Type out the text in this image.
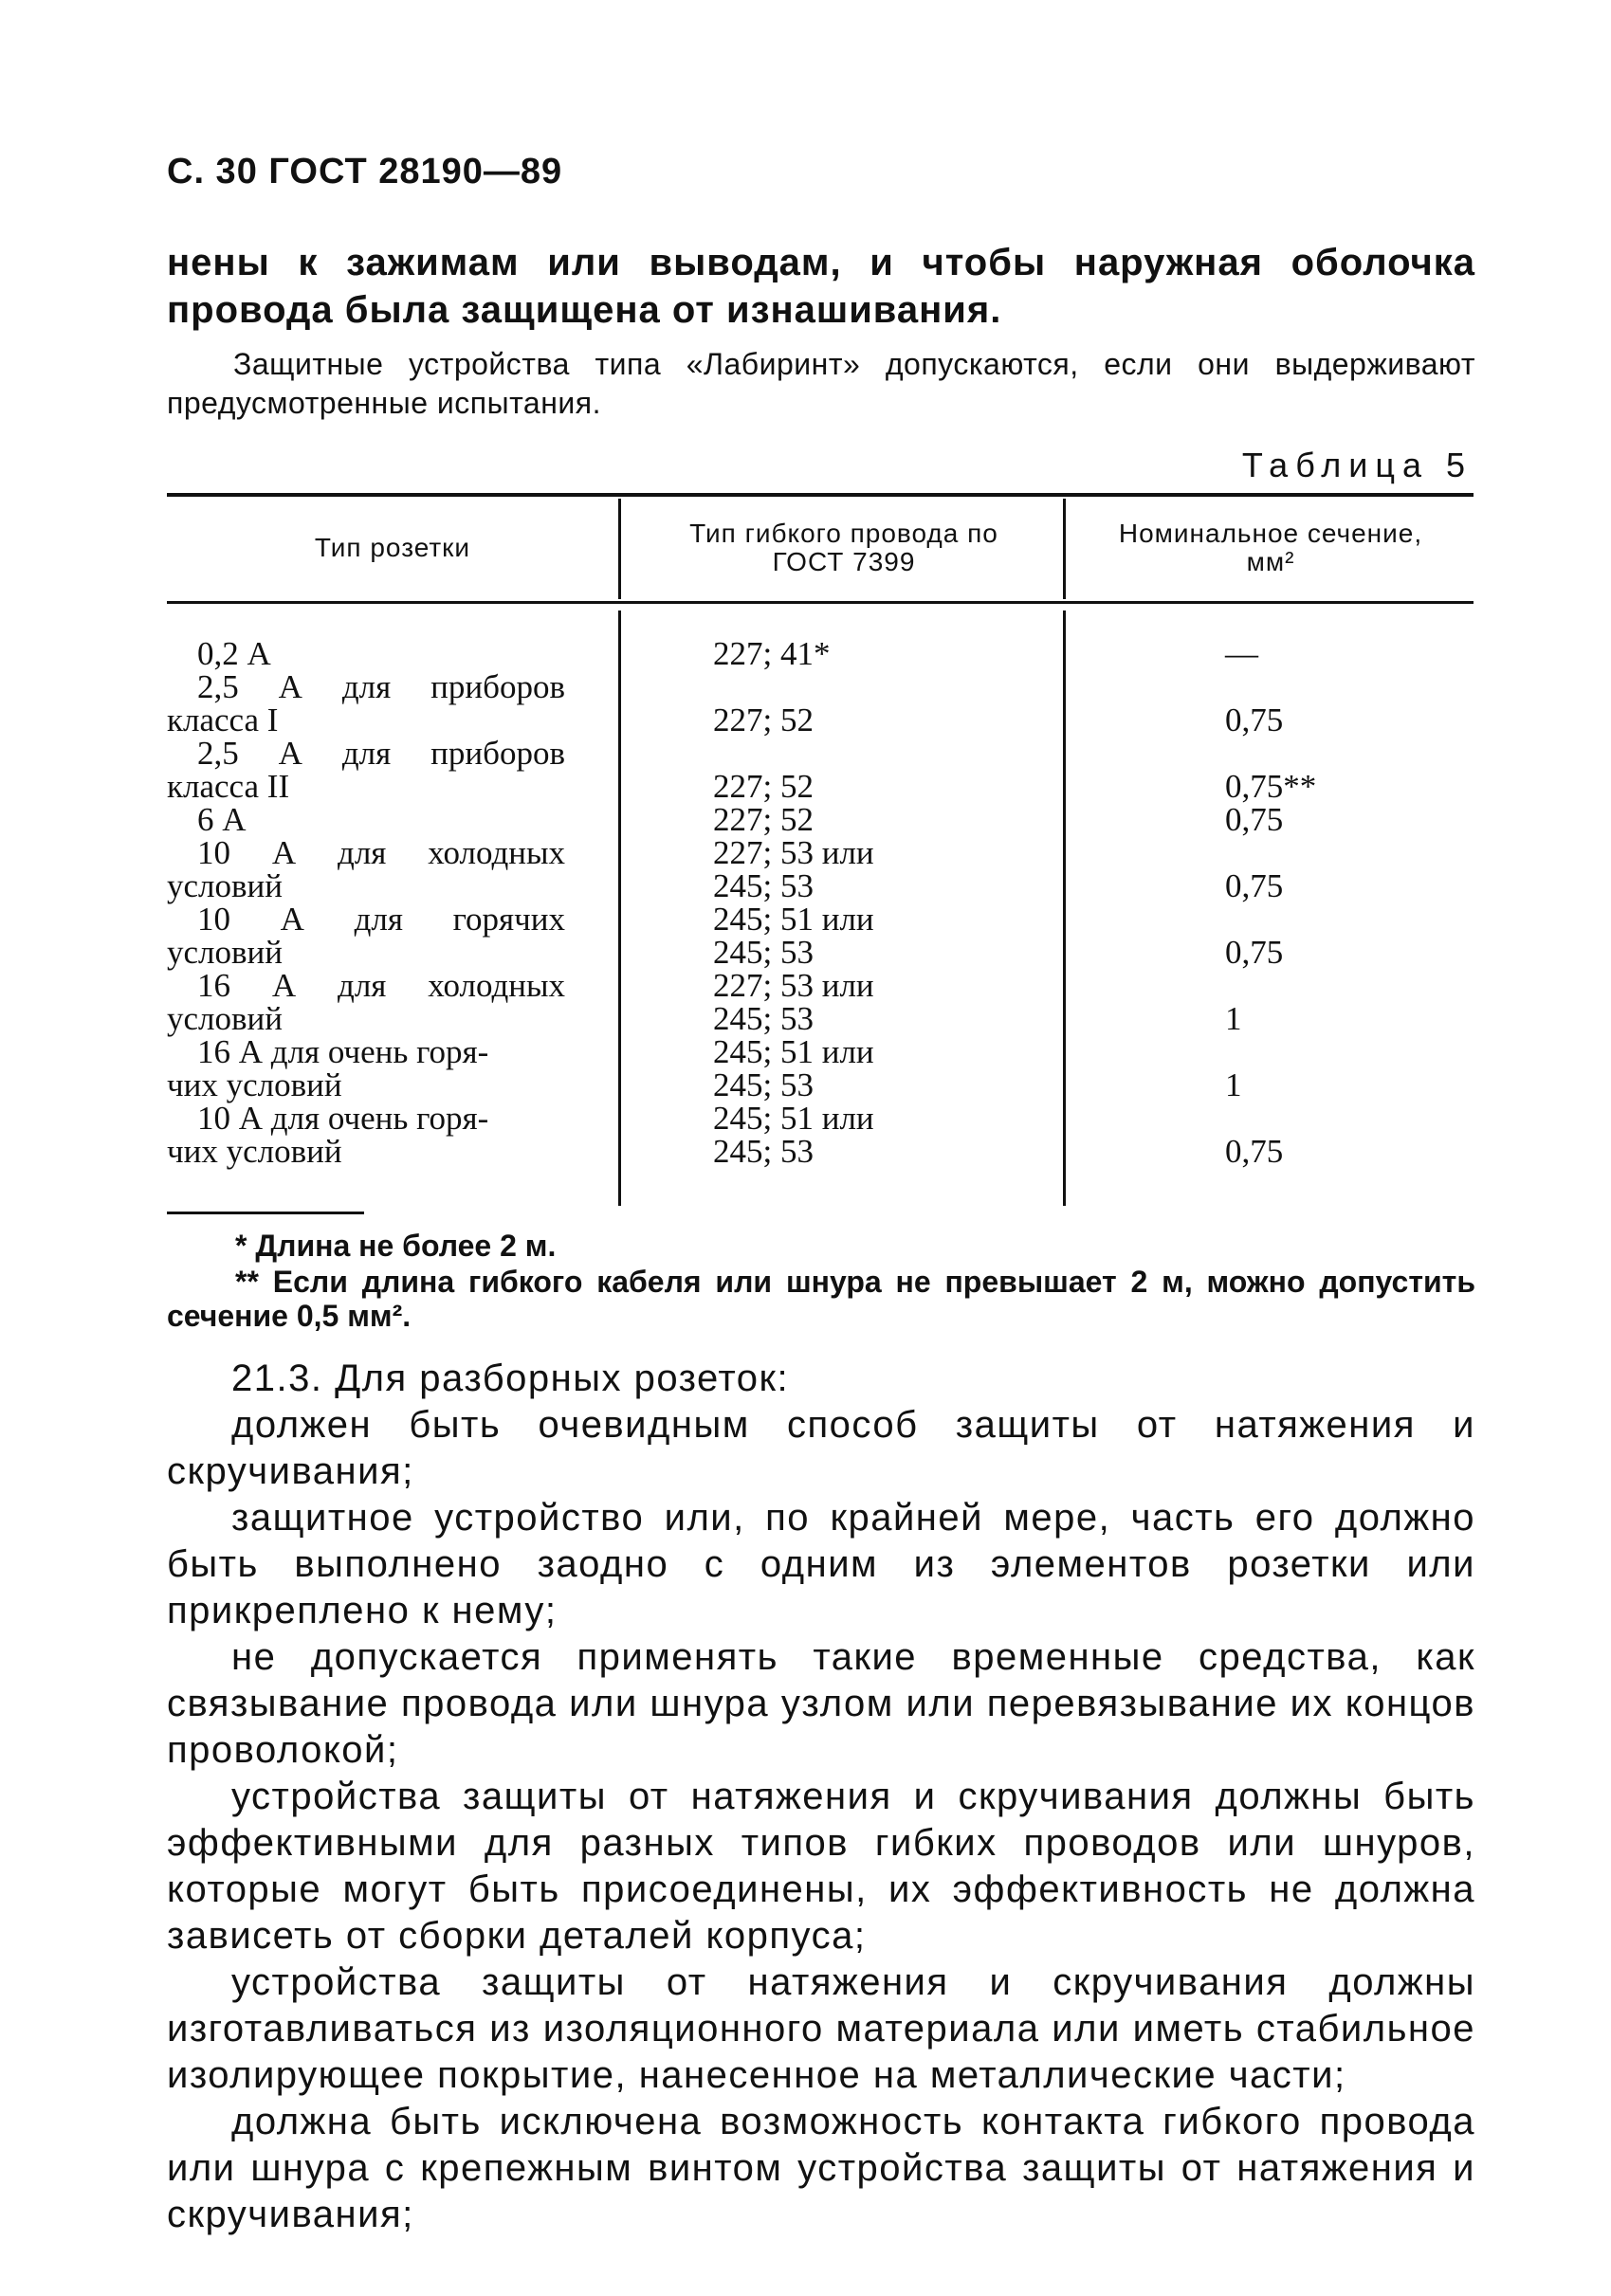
С. 30 ГОСТ 28190—89
нены к зажимам или выводам, и чтобы наружная оболочка провода была защищена от изнашивания.
Защитные устройства типа «Лабиринт» допускаются, если они выдерживают предусмотренные испытания.
Таблица 5
Тип розетки	Тип гибкого провода по ГОСТ 7399
Номинальное сечение, мм²
0,2 А
2,5 А для приборов
класса I
2,5 А для приборов
класса II
6 А
10 А для холодных
условий
10 А для горячих
условий
16 А для холодных
условий
16 А для очень горя-
чих условий
10 А для очень горя-
чих условий
227; 41*
227; 52
227; 52
227; 52
227; 53 или
245; 53
245; 51 или
245; 53
227; 53 или
245; 53
245; 51 или
245; 53
245; 51 или
245; 53
—
0,75
0,75**
0,75
0,75
0,75
1
1
0,75
* Длина не более 2 м.
** Если длина гибкого кабеля или шнура не превышает 2 м, можно допустить сечение 0,5 мм².

21.3. Для разборных розеток:

должен быть очевидным способ защиты от натяжения и скручивания;

защитное устройство или, по крайней мере, часть его должно быть выполнено заодно с одним из элементов розетки или прикреплено к нему;

не допускается применять такие временные средства, как связывание провода или шнура узлом или перевязывание их концов проволокой;

устройства защиты от натяжения и скручивания должны быть эффективными для разных типов гибких проводов или шнуров, которые могут быть присоединены, их эффективность не должна зависеть от сборки деталей корпуса;

устройства защиты от натяжения и скручивания должны изготавливаться из изоляционного материала или иметь стабильное изолирующее покрытие, нанесенное на металлические части;

должна быть исключена возможность контакта гибкого провода или шнура с крепежным винтом устройства защиты от натяжения и скручивания;
